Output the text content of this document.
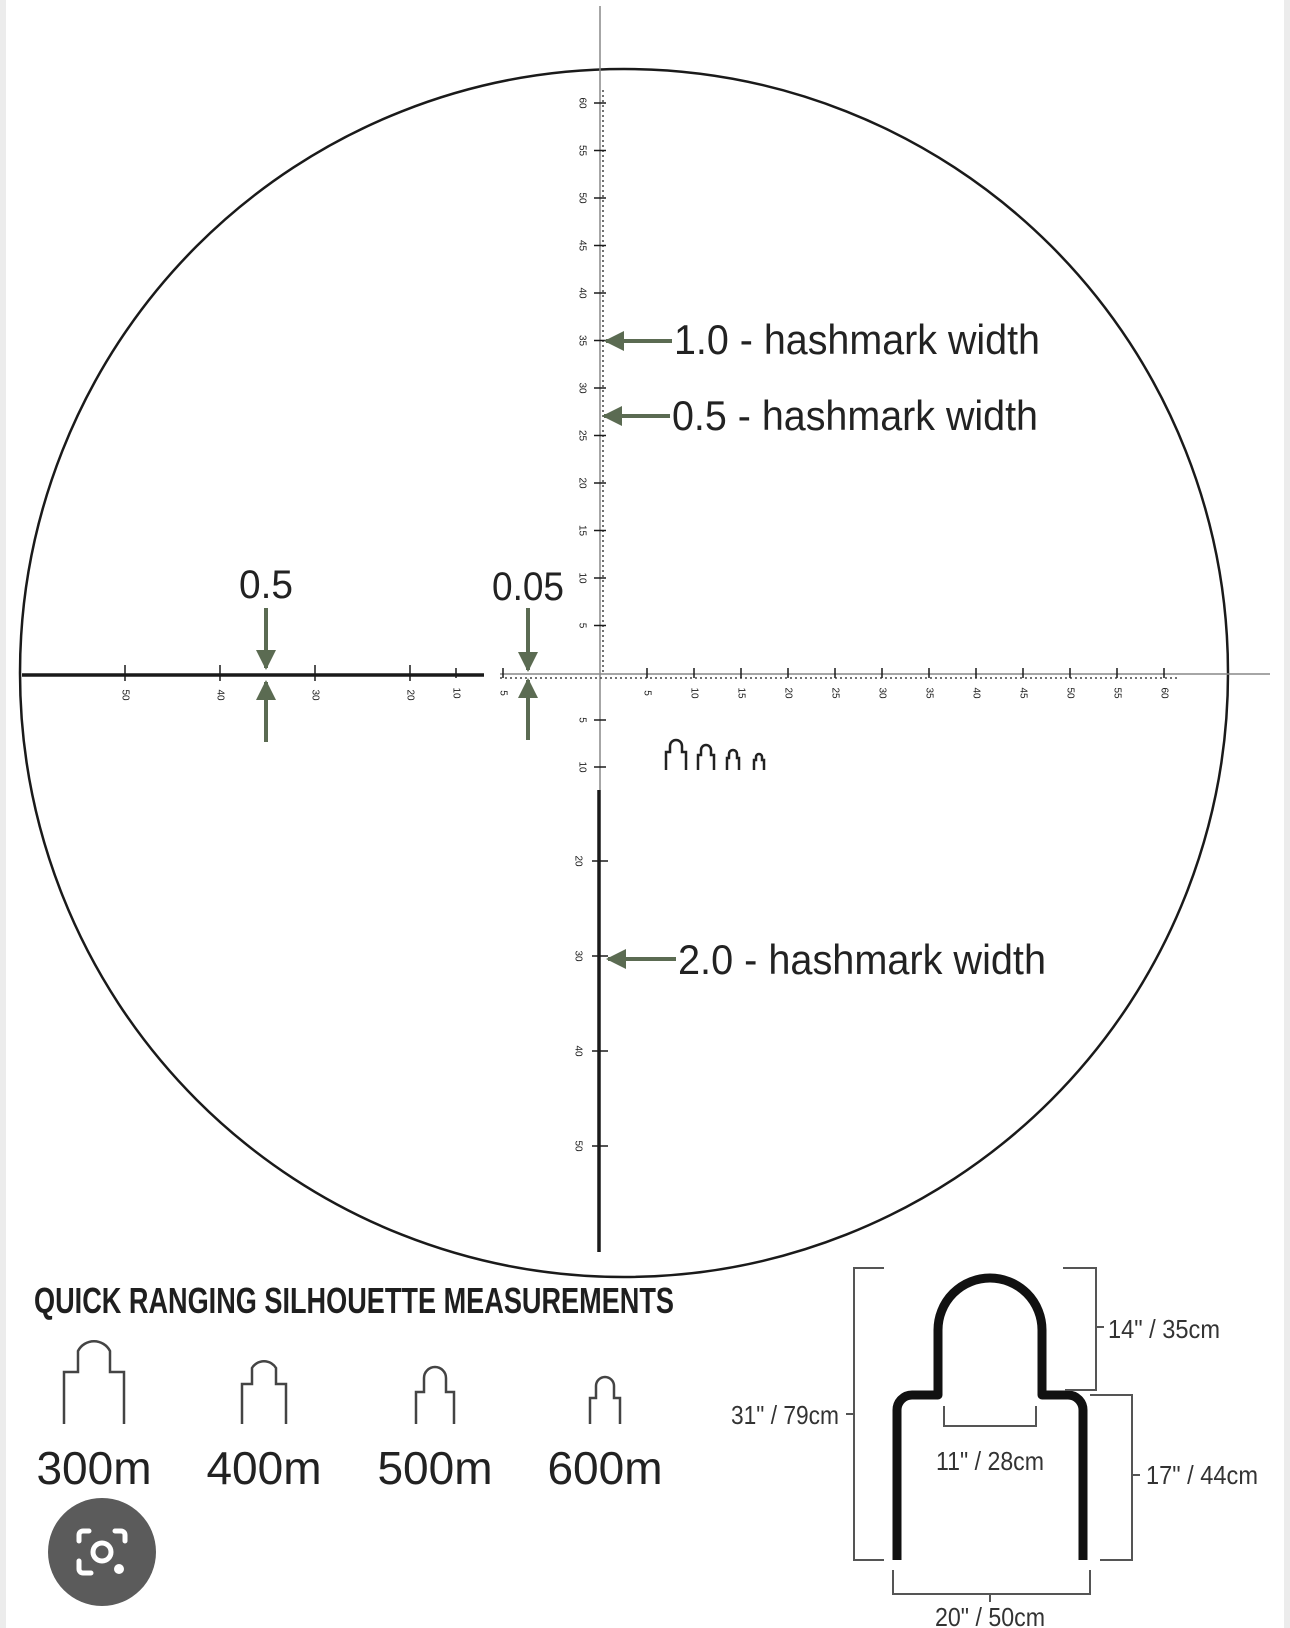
60
55
50
45
40
35
30
25
20
15
10
5
5	10	15	20	25	30	35	40	45	50	55	60
5
10
20
30
40
50
50	40	30	20	10	5
1.0 - hashmark width
0.5 - hashmark width
2.0 - hashmark width
0.5	0.05
QUICK RANGING SILHOUETTE MEASUREMENTS
300m 400m 500m 600m
14" / 35cm
31" / 79cm
11" / 28cm	17" / 44cm
20" / 50cm
